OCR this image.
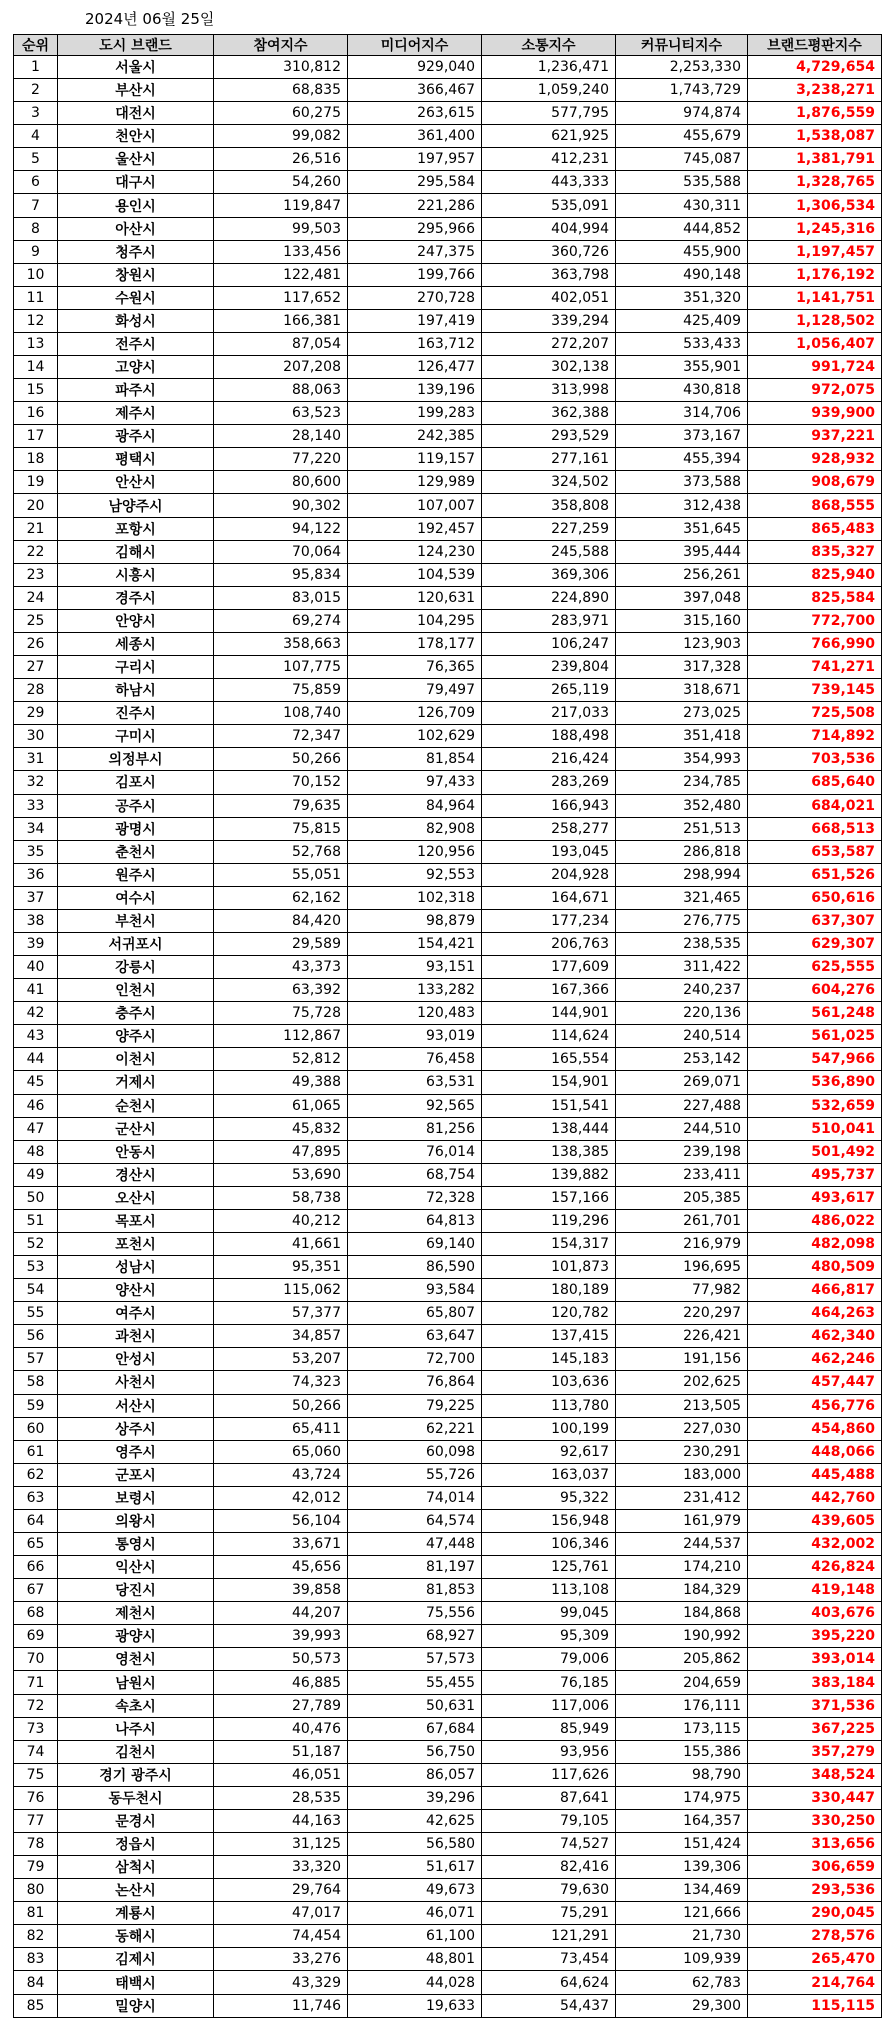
2024년 06월 25일
순위	도시 브랜드	참여지수	미디어지수	소통지수	커뮤니티지수	브랜드평판지수
1	서울시	310,812	929,040	1,236,471	2,253,330	4,729,654
2	부산시	68,835	366,467	1,059,240	1,743,729	3,238,271
3	대전시	60,275	263,615	577,795	974,874	1,876,559
4	천안시	99,082	361,400	621,925	455,679	1,538,087
5	울산시	26,516	197,957	412,231	745,087	1,381,791
6	대구시	54,260	295,584	443,333	535,588	1,328,765
7	용인시	119,847	221,286	535,091	430,311	1,306,534
8	아산시	99,503	295,966	404,994	444,852	1,245,316
9	청주시	133,456	247,375	360,726	455,900	1,197,457
10	창원시	122,481	199,766	363,798	490,148	1,176,192
11	수원시	117,652	270,728	402,051	351,320	1,141,751
12	화성시	166,381	197,419	339,294	425,409	1,128,502
13	전주시	87,054	163,712	272,207	533,433	1,056,407
14	고양시	207,208	126,477	302,138	355,901	991,724
15	파주시	88,063	139,196	313,998	430,818	972,075
16	제주시	63,523	199,283	362,388	314,706	939,900
17	광주시	28,140	242,385	293,529	373,167	937,221
18	평택시	77,220	119,157	277,161	455,394	928,932
19	안산시	80,600	129,989	324,502	373,588	908,679
20	남양주시	90,302	107,007	358,808	312,438	868,555
21	포항시	94,122	192,457	227,259	351,645	865,483
22	김해시	70,064	124,230	245,588	395,444	835,327
23	시흥시	95,834	104,539	369,306	256,261	825,940
24	경주시	83,015	120,631	224,890	397,048	825,584
25	안양시	69,274	104,295	283,971	315,160	772,700
26	세종시	358,663	178,177	106,247	123,903	766,990
27	구리시	107,775	76,365	239,804	317,328	741,271
28	하남시	75,859	79,497	265,119	318,671	739,145
29	진주시	108,740	126,709	217,033	273,025	725,508
30	구미시	72,347	102,629	188,498	351,418	714,892
31	의정부시	50,266	81,854	216,424	354,993	703,536
32	김포시	70,152	97,433	283,269	234,785	685,640
33	공주시	79,635	84,964	166,943	352,480	684,021
34	광명시	75,815	82,908	258,277	251,513	668,513
35	춘천시	52,768	120,956	193,045	286,818	653,587
36	원주시	55,051	92,553	204,928	298,994	651,526
37	여수시	62,162	102,318	164,671	321,465	650,616
38	부천시	84,420	98,879	177,234	276,775	637,307
39	서귀포시	29,589	154,421	206,763	238,535	629,307
40	강릉시	43,373	93,151	177,609	311,422	625,555
41	인천시	63,392	133,282	167,366	240,237	604,276
42	충주시	75,728	120,483	144,901	220,136	561,248
43	양주시	112,867	93,019	114,624	240,514	561,025
44	이천시	52,812	76,458	165,554	253,142	547,966
45	거제시	49,388	63,531	154,901	269,071	536,890
46	순천시	61,065	92,565	151,541	227,488	532,659
47	군산시	45,832	81,256	138,444	244,510	510,041
48	안동시	47,895	76,014	138,385	239,198	501,492
49	경산시	53,690	68,754	139,882	233,411	495,737
50	오산시	58,738	72,328	157,166	205,385	493,617
51	목포시	40,212	64,813	119,296	261,701	486,022
52	포천시	41,661	69,140	154,317	216,979	482,098
53	성남시	95,351	86,590	101,873	196,695	480,509
54	양산시	115,062	93,584	180,189	77,982	466,817
55	여주시	57,377	65,807	120,782	220,297	464,263
56	과천시	34,857	63,647	137,415	226,421	462,340
57	안성시	53,207	72,700	145,183	191,156	462,246
58	사천시	74,323	76,864	103,636	202,625	457,447
59	서산시	50,266	79,225	113,780	213,505	456,776
60	상주시	65,411	62,221	100,199	227,030	454,860
61	영주시	65,060	60,098	92,617	230,291	448,066
62	군포시	43,724	55,726	163,037	183,000	445,488
63	보령시	42,012	74,014	95,322	231,412	442,760
64	의왕시	56,104	64,574	156,948	161,979	439,605
65	통영시	33,671	47,448	106,346	244,537	432,002
66	익산시	45,656	81,197	125,761	174,210	426,824
67	당진시	39,858	81,853	113,108	184,329	419,148
68	제천시	44,207	75,556	99,045	184,868	403,676
69	광양시	39,993	68,927	95,309	190,992	395,220
70	영천시	50,573	57,573	79,006	205,862	393,014
71	남원시	46,885	55,455	76,185	204,659	383,184
72	속초시	27,789	50,631	117,006	176,111	371,536
73	나주시	40,476	67,684	85,949	173,115	367,225
74	김천시	51,187	56,750	93,956	155,386	357,279
75	경기 광주시	46,051	86,057	117,626	98,790	348,524
76	동두천시	28,535	39,296	87,641	174,975	330,447
77	문경시	44,163	42,625	79,105	164,357	330,250
78	정읍시	31,125	56,580	74,527	151,424	313,656
79	삼척시	33,320	51,617	82,416	139,306	306,659
80	논산시	29,764	49,673	79,630	134,469	293,536
81	계룡시	47,017	46,071	75,291	121,666	290,045
82	동해시	74,454	61,100	121,291	21,730	278,576
83	김제시	33,276	48,801	73,454	109,939	265,470
84	태백시	43,329	44,028	64,624	62,783	214,764
85	밀양시	11,746	19,633	54,437	29,300	115,115
